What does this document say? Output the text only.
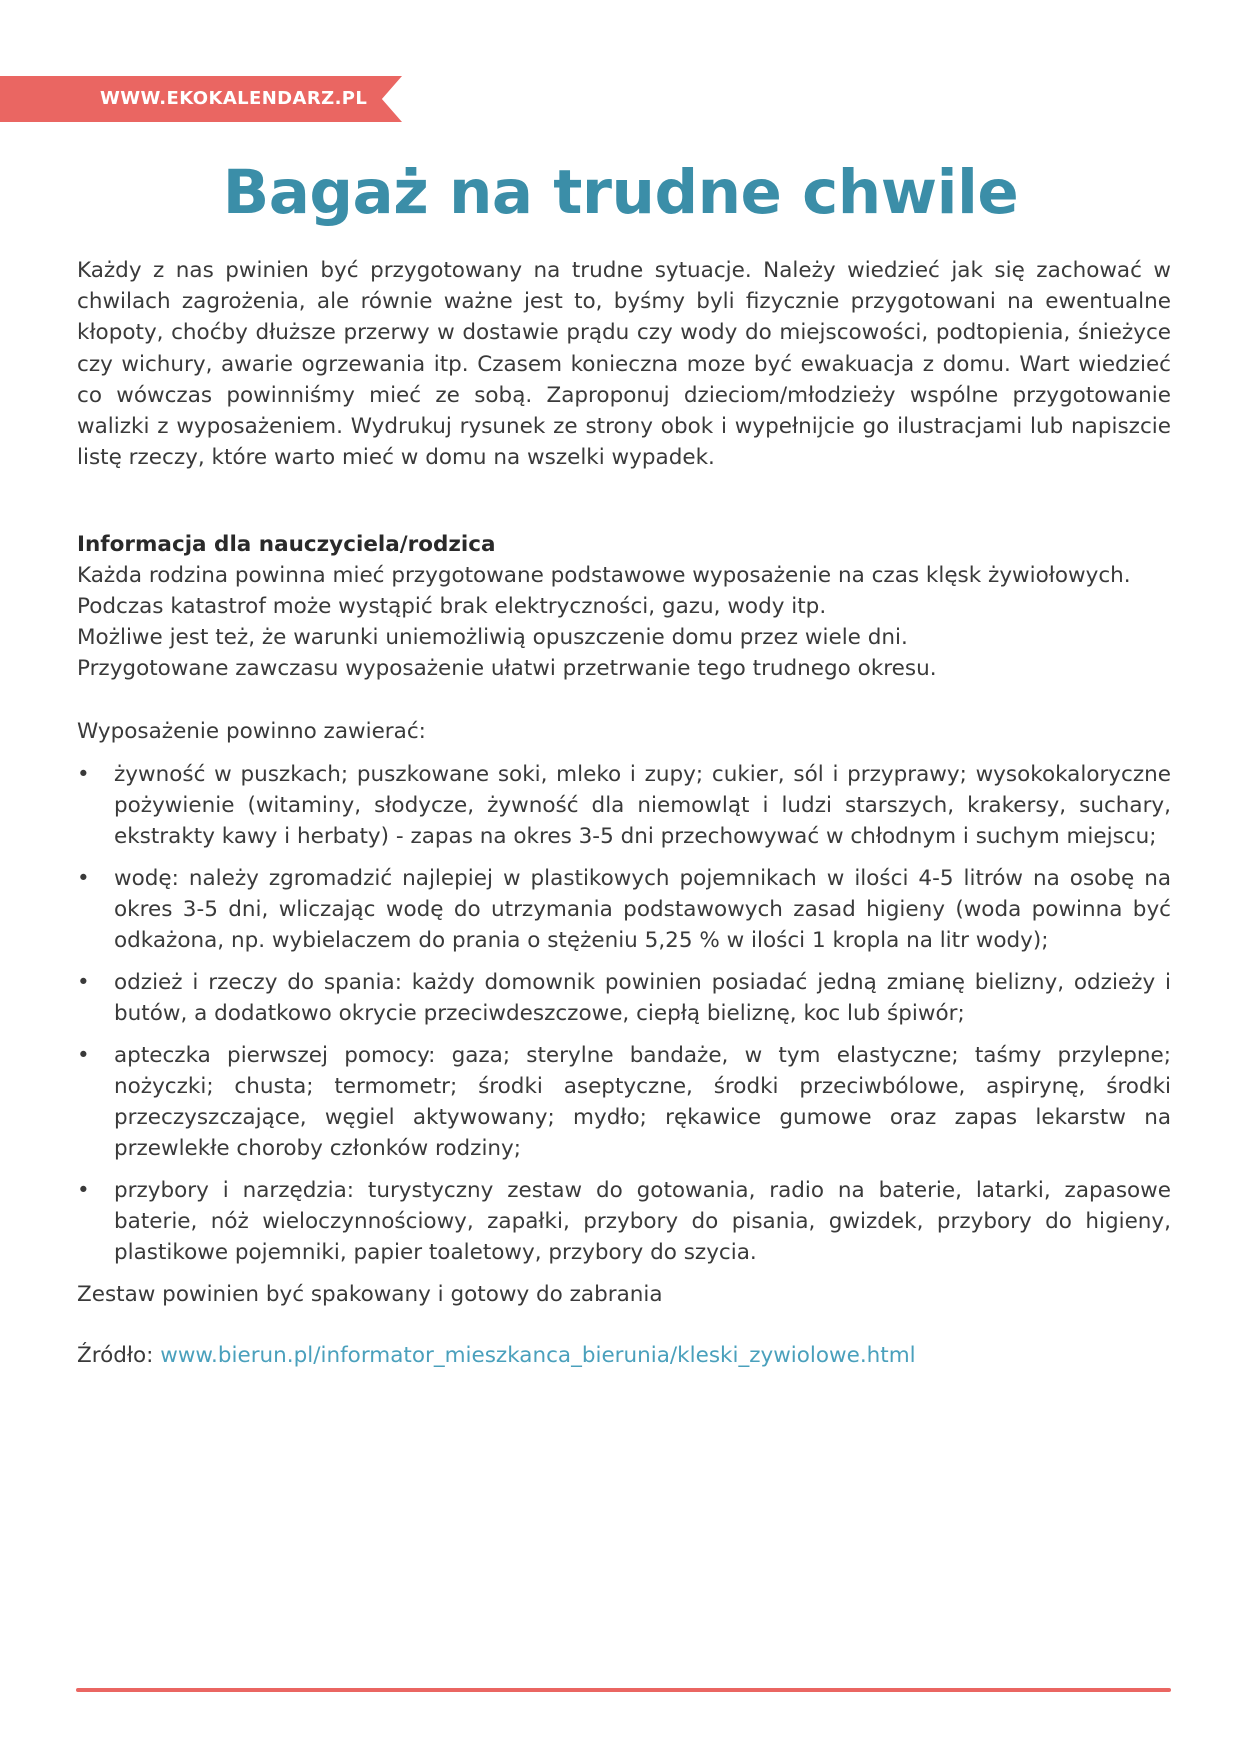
WWW.EKOKALENDARZ.PL
Bagaż na trudne chwile

Każdy z nas pwinien być przygotowany na trudne sytuacje. Należy wiedzieć jak się zachować w chwilach zagrożenia, ale równie ważne jest to, byśmy byli fizycznie przygotowani na ewentualne kłopoty, choćby dłuższe przerwy w dostawie prądu czy wody do miejscowości, podtopienia, śnieżyce czy wichury, awarie ogrzewania itp. Czasem konieczna moze być ewakuacja z domu. Wart wiedzieć co wówczas powinniśmy mieć ze sobą. Zaproponuj dzieciom/młodzieży wspólne przygotowanie walizki z wyposażeniem. Wydrukuj rysunek ze strony obok i wypełnijcie go ilustracjami lub napiszcie listę rzeczy, które warto mieć w domu na wszelki wypadek.

Informacja dla nauczyciela/rodzica

Każda rodzina powinna mieć przygotowane podstawowe wyposażenie na czas klęsk żywiołowych.

Podczas katastrof może wystąpić brak elektryczności, gazu, wody itp.

Możliwe jest też, że warunki uniemożliwią opuszczenie domu przez wiele dni.

Przygotowane zawczasu wyposażenie ułatwi przetrwanie tego trudnego okresu.

Wyposażenie powinno zawierać:

• żywność w puszkach; puszkowane soki, mleko i zupy; cukier, sól i przyprawy; wysokokaloryczne pożywienie (witaminy, słodycze, żywność dla niemowląt i ludzi starszych, krakersy, suchary, ekstrakty kawy i herbaty) - zapas na okres 3-5 dni przechowywać w chłodnym i suchym miejscu;
• wodę: należy zgromadzić najlepiej w plastikowych pojemnikach w ilości 4-5 litrów na osobę na okres 3-5 dni, wliczając wodę do utrzymania podstawowych zasad higieny (woda powinna być odkażona, np. wybielaczem do prania o stężeniu 5,25 % w ilości 1 kropla na litr wody);
• odzież i rzeczy do spania: każdy domownik powinien posiadać jedną zmianę bielizny, odzieży i butów, a dodatkowo okrycie przeciwdeszczowe, ciepłą bieliznę, koc lub śpiwór;
• apteczka pierwszej pomocy: gaza; sterylne bandaże, w tym elastyczne; taśmy przylepne; nożyczki; chusta; termometr; środki aseptyczne, środki przeciwbólowe, aspirynę, środki przeczyszczające, węgiel aktywowany; mydło; rękawice gumowe oraz zapas lekarstw na przewlekłe choroby członków rodziny;
• przybory i narzędzia: turystyczny zestaw do gotowania, radio na baterie, latarki, zapasowe baterie, nóż wieloczynnościowy, zapałki, przybory do pisania, gwizdek, przybory do higieny, plastikowe pojemniki, papier toaletowy, przybory do szycia.

Zestaw powinien być spakowany i gotowy do zabrania

Źródło: www.bierun.pl/informator_mieszkanca_bierunia/kleski_zywiolowe.html
